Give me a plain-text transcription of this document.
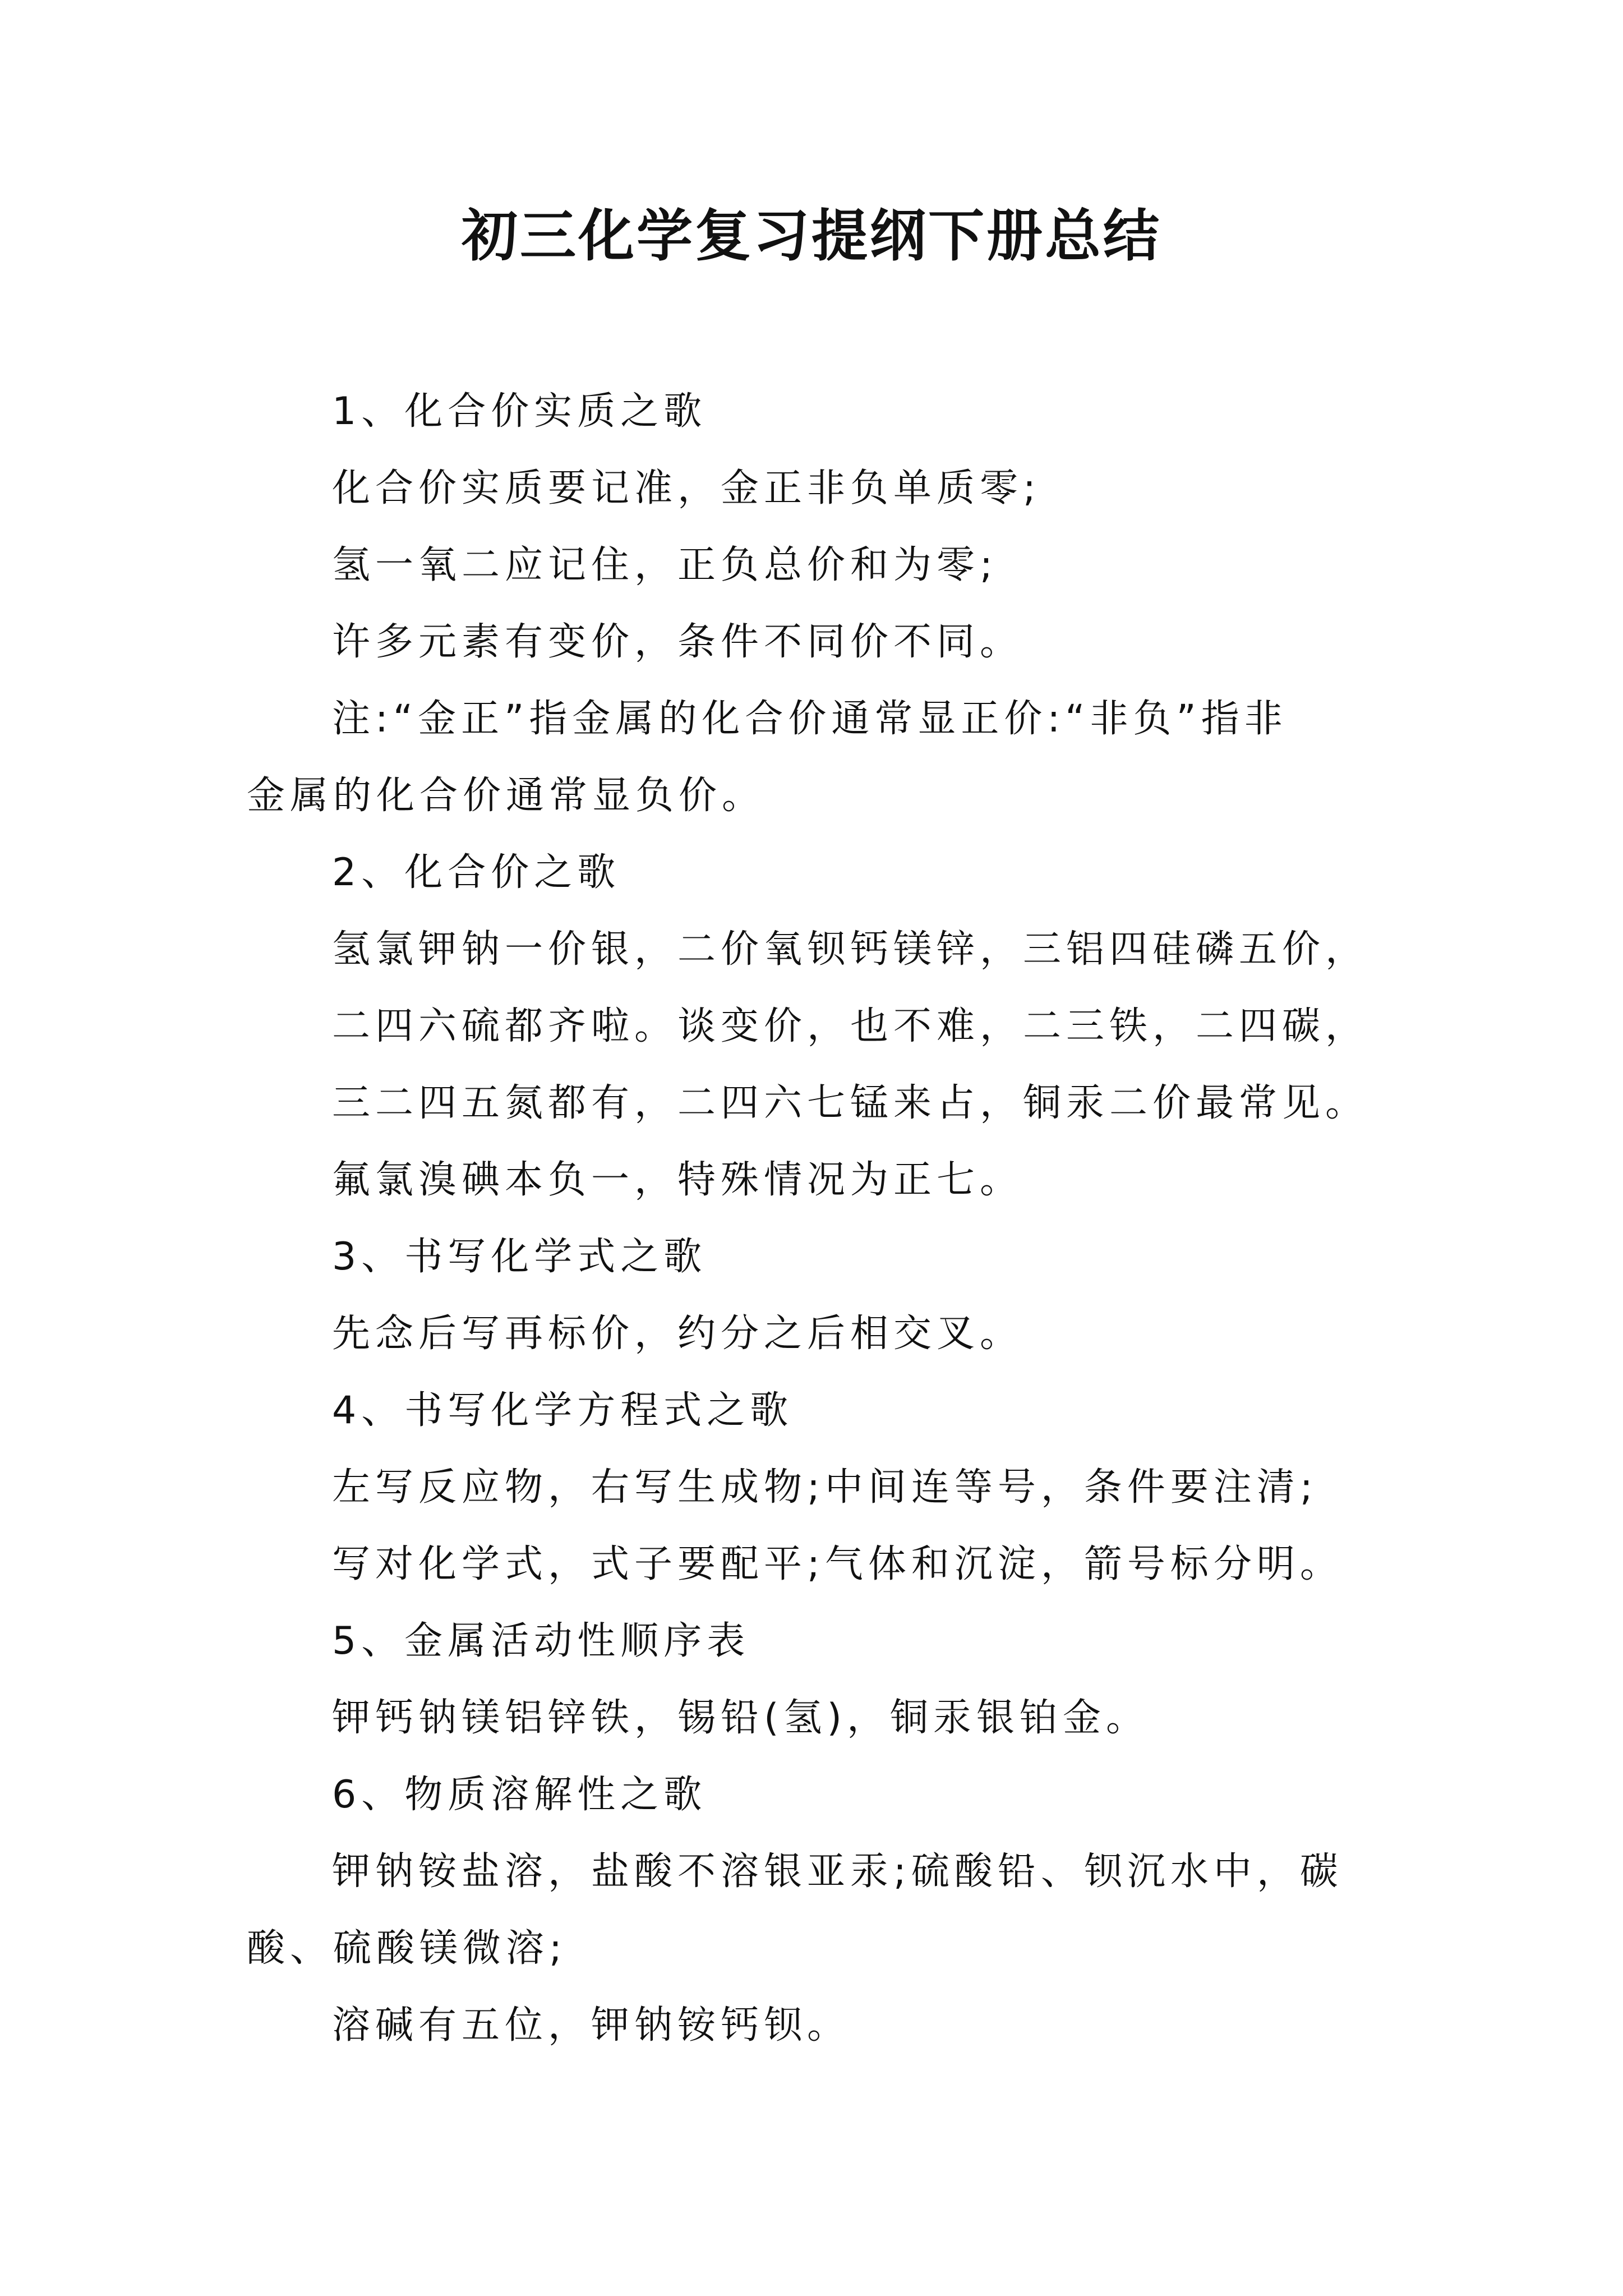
初三化学复习提纲下册总结

1、化合价实质之歌

化合价实质要记准，金正非负单质零;

氢一氧二应记住，正负总价和为零;

许多元素有变价，条件不同价不同。

注:“金正”指金属的化合价通常显正价:“非负”指非

金属的化合价通常显负价。

2、化合价之歌

氢氯钾钠一价银，二价氧钡钙镁锌，三铝四硅磷五价，

二四六硫都齐啦。谈变价，也不难，二三铁，二四碳，

三二四五氮都有，二四六七锰来占，铜汞二价最常见。

氟氯溴碘本负一，特殊情况为正七。

3、书写化学式之歌

先念后写再标价，约分之后相交叉。

4、书写化学方程式之歌

左写反应物，右写生成物;中间连等号，条件要注清;

写对化学式，式子要配平;气体和沉淀，箭号标分明。

5、金属活动性顺序表

钾钙钠镁铝锌铁，锡铅(氢)，铜汞银铂金。

6、物质溶解性之歌

钾钠铵盐溶，盐酸不溶银亚汞;硫酸铅、钡沉水中，碳

酸、硫酸镁微溶;

溶碱有五位，钾钠铵钙钡。
